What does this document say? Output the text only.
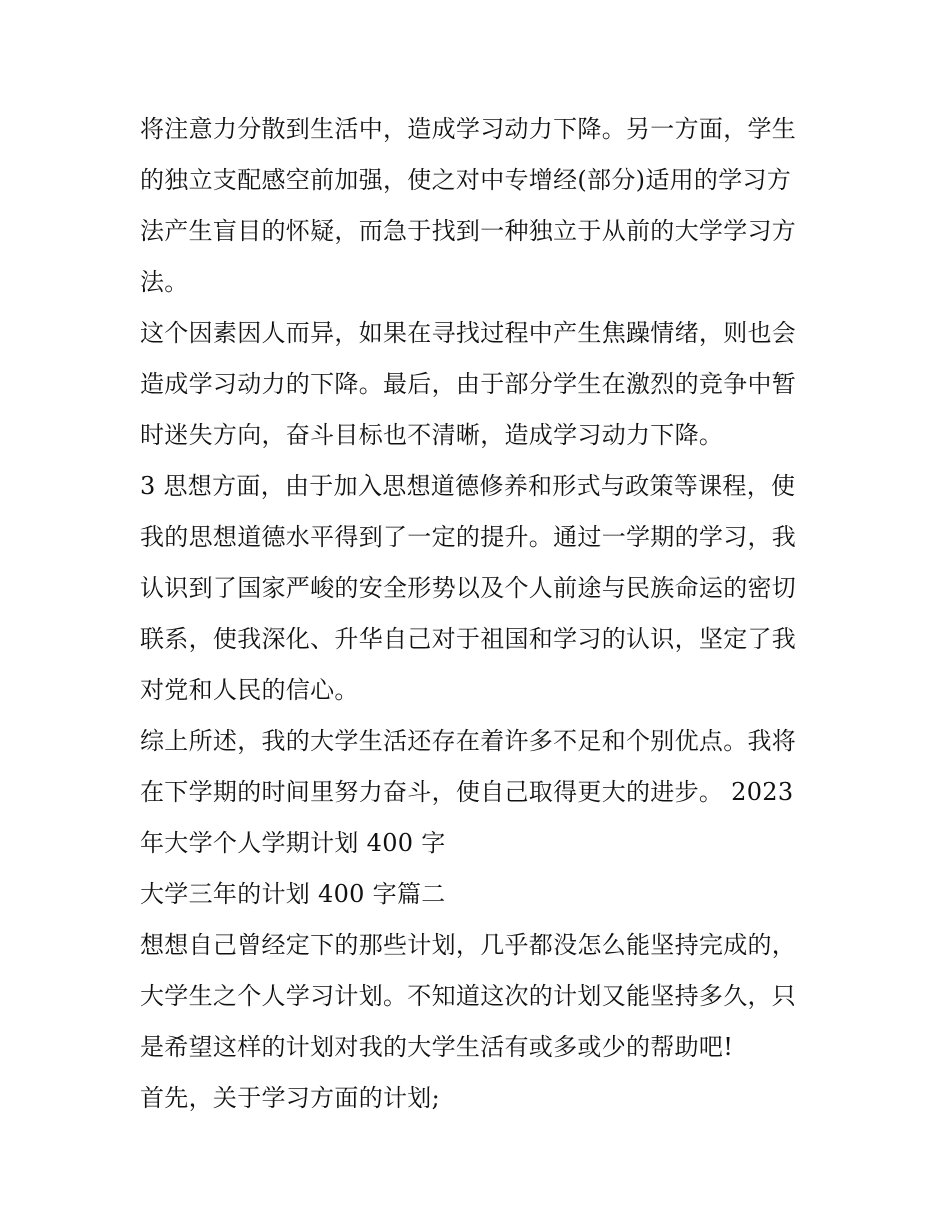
将注意力分散到生活中，造成学习动力下降。另一方面，学生
的独立支配感空前加强，使之对中专增经(部分)适用的学习方
法产生盲目的怀疑，而急于找到一种独立于从前的大学学习方
法。
这个因素因人而异，如果在寻找过程中产生焦躁情绪，则也会
造成学习动力的下降。最后，由于部分学生在激烈的竞争中暂
时迷失方向，奋斗目标也不清晰，造成学习动力下降。
3 思想方面，由于加入思想道德修养和形式与政策等课程，使
我的思想道德水平得到了一定的提升。通过一学期的学习，我
认识到了国家严峻的安全形势以及个人前途与民族命运的密切
联系，使我深化、升华自己对于祖国和学习的认识，坚定了我
对党和人民的信心。
综上所述，我的大学生活还存在着许多不足和个别优点。我将
在下学期的时间里努力奋斗，使自己取得更大的进步。 2023
年大学个人学期计划 400 字
大学三年的计划 400 字篇二
想想自己曾经定下的那些计划，几乎都没怎么能坚持完成的，
大学生之个人学习计划。不知道这次的计划又能坚持多久，只
是希望这样的计划对我的大学生活有或多或少的帮助吧!
首先，关于学习方面的计划;
